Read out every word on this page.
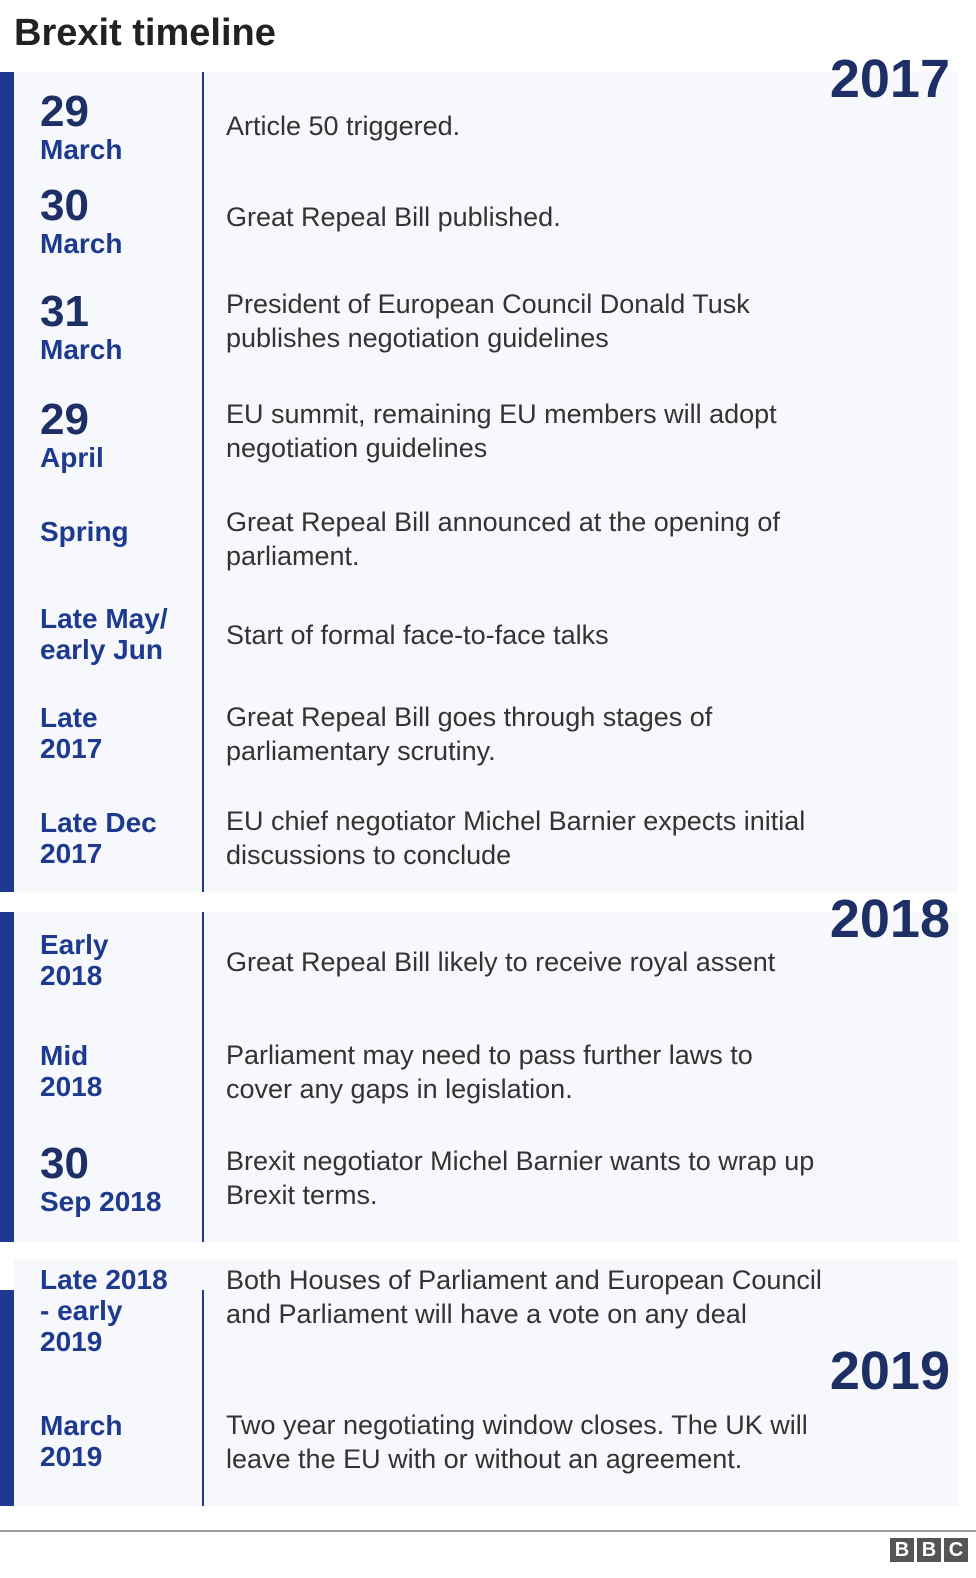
Brexit timeline
2017
2018
2019
29
March
Article 50 triggered.
30
March
Great Repeal Bill published.
31
March
President of European Council Donald Tusk publishes negotiation guidelines
29
April
EU summit, remaining EU members will adopt negotiation guidelines
Spring	Great Repeal Bill announced at the opening of parliament.
Late May/
early Jun Start of formal face-to-face talks
Late
2017
Great Repeal Bill goes through stages of parliamentary scrutiny.
Late Dec
2017
EU chief negotiator Michel Barnier expects initial discussions to conclude
Early
2018	Great Repeal Bill likely to receive royal assent
Mid
2018
Parliament may need to pass further laws to cover any gaps in legislation.
30
Sep 2018
Brexit negotiator Michel Barnier wants to wrap up Brexit terms.
Late 2018
- early
2019
Both Houses of Parliament and European Council and Parliament will have a vote on any deal
March
2019
Two year negotiating window closes. The UK will leave the EU with or without an agreement.
B B C
